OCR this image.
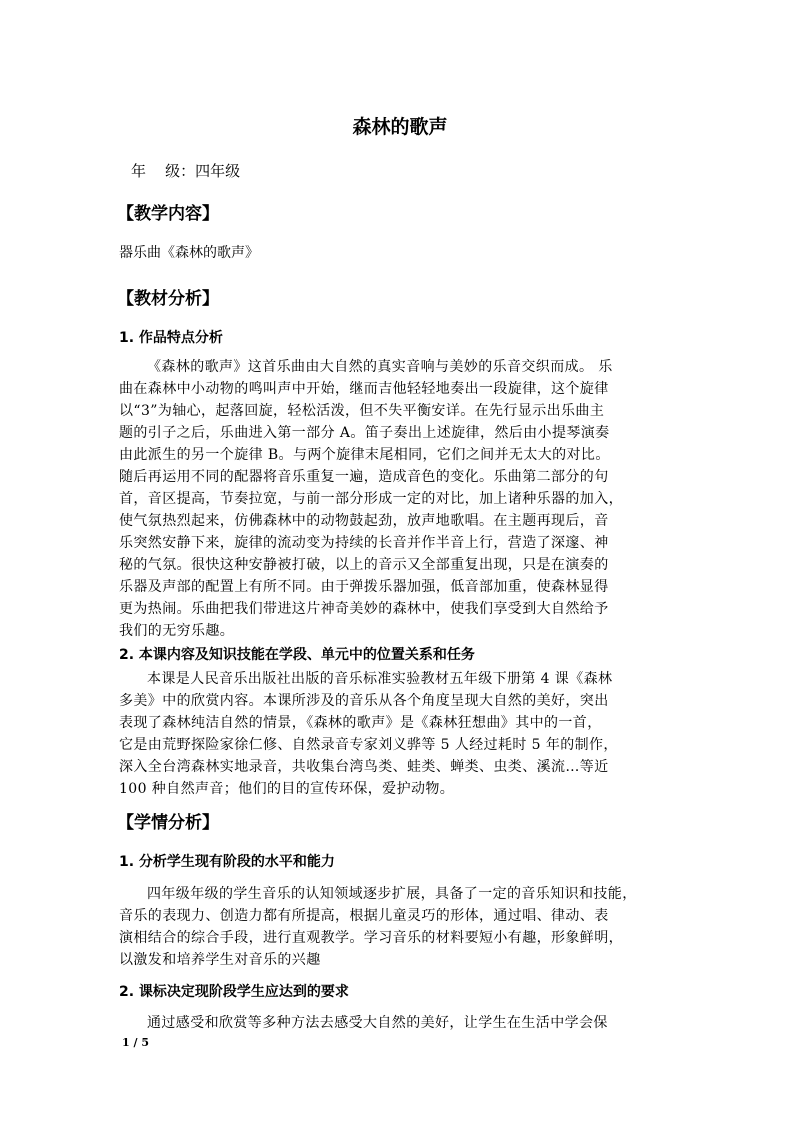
森林的歌声
年    级：四年级
【教学内容】
器乐曲《森林的歌声》
【教材分析】
1. 作品特点分析
《森林的歌声》这首乐曲由大自然的真实音响与美妙的乐音交织而成。 乐
曲在森林中小动物的鸣叫声中开始，继而吉他轻轻地奏出一段旋律，这个旋律
以“3”为轴心，起落回旋，轻松活泼，但不失平衡安详。在先行显示出乐曲主
题的引子之后，乐曲进入第一部分 A。笛子奏出上述旋律，然后由小提琴演奏
由此派生的另一个旋律 B。与两个旋律末尾相同，它们之间并无太大的对比。
随后再运用不同的配器将音乐重复一遍，造成音色的变化。乐曲第二部分的句
首，音区提高，节奏拉宽，与前一部分形成一定的对比，加上诸种乐器的加入，
使气氛热烈起来，仿佛森林中的动物鼓起劲，放声地歌唱。在主题再现后，音
乐突然安静下来，旋律的流动变为持续的长音并作半音上行，营造了深邃、神
秘的气氛。很快这种安静被打破，以上的音示又全部重复出现，只是在演奏的
乐器及声部的配置上有所不同。由于弹拨乐器加强，低音部加重，使森林显得
更为热闹。乐曲把我们带进这片神奇美妙的森林中，使我们享受到大自然给予
我们的无穷乐趣。
2. 本课内容及知识技能在学段、单元中的位置关系和任务
本课是人民音乐出版社出版的音乐标准实验教材五年级下册第 4 课《森林
多美》中的欣赏内容。本课所涉及的音乐从各个角度呈现大自然的美好，突出
表现了森林纯洁自然的情景，《森林的歌声》是《森林狂想曲》其中的一首，
它是由荒野探险家徐仁修、自然录音专家刘义骅等 5 人经过耗时 5 年的制作，
深入全台湾森林实地录音，共收集台湾鸟类、蛙类、蝉类、虫类、溪流…等近
100 种自然声音；他们的目的宣传环保，爱护动物。
【学情分析】
1. 分析学生现有阶段的水平和能力
四年级年级的学生音乐的认知领域逐步扩展，具备了一定的音乐知识和技能，
音乐的表现力、创造力都有所提高，根据儿童灵巧的形体，通过唱、律动、表
演相结合的综合手段，进行直观教学。学习音乐的材料要短小有趣，形象鲜明，
以激发和培养学生对音乐的兴趣
2. 课标决定现阶段学生应达到的要求
通过感受和欣赏等多种方法去感受大自然的美好，让学生在生活中学会保
1 / 5
